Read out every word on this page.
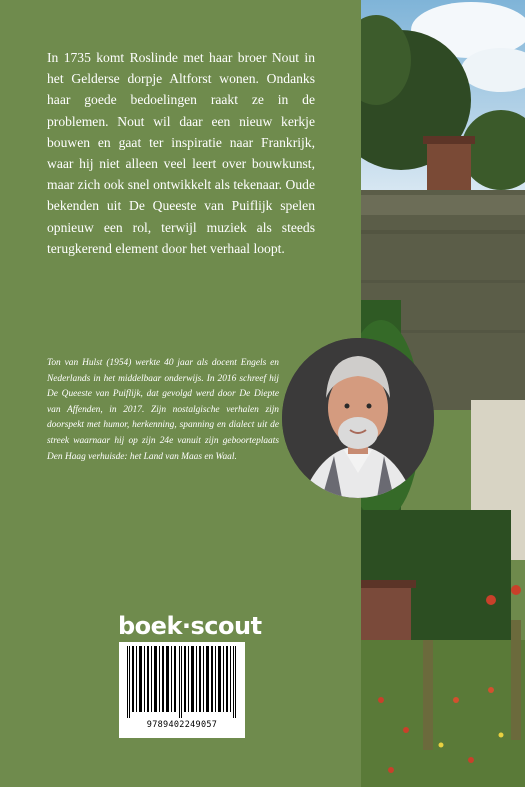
In 1735 komt Roslinde met haar broer Nout in het Gelderse dorpje Altforst wonen. Ondanks haar goede bedoelingen raakt ze in de problemen. Nout wil daar een nieuw kerkje bouwen en gaat ter inspiratie naar Frankrijk, waar hij niet alleen veel leert over bouwkunst, maar zich ook snel ontwikkelt als tekenaar. Oude bekenden uit De Queeste van Puiflijk spelen opnieuw een rol, terwijl muziek als steeds terugkerend element door het verhaal loopt.

Ton van Hulst (1954) werkte 40 jaar als docent Engels en Nederlands in het middelbaar onderwijs. In 2016 schreef hij De Queeste van Puiflijk, dat gevolgd werd door De Diepte van Affenden, in 2017. Zijn nostalgische verhalen zijn doorspekt met humor, herkenning, spanning en dialect uit de streek waarnaar hij op zijn 24e vanuit zijn geboorteplaats Den Haag verhuisde: het Land van Maas en Waal.

boek·scout
9789402249057
